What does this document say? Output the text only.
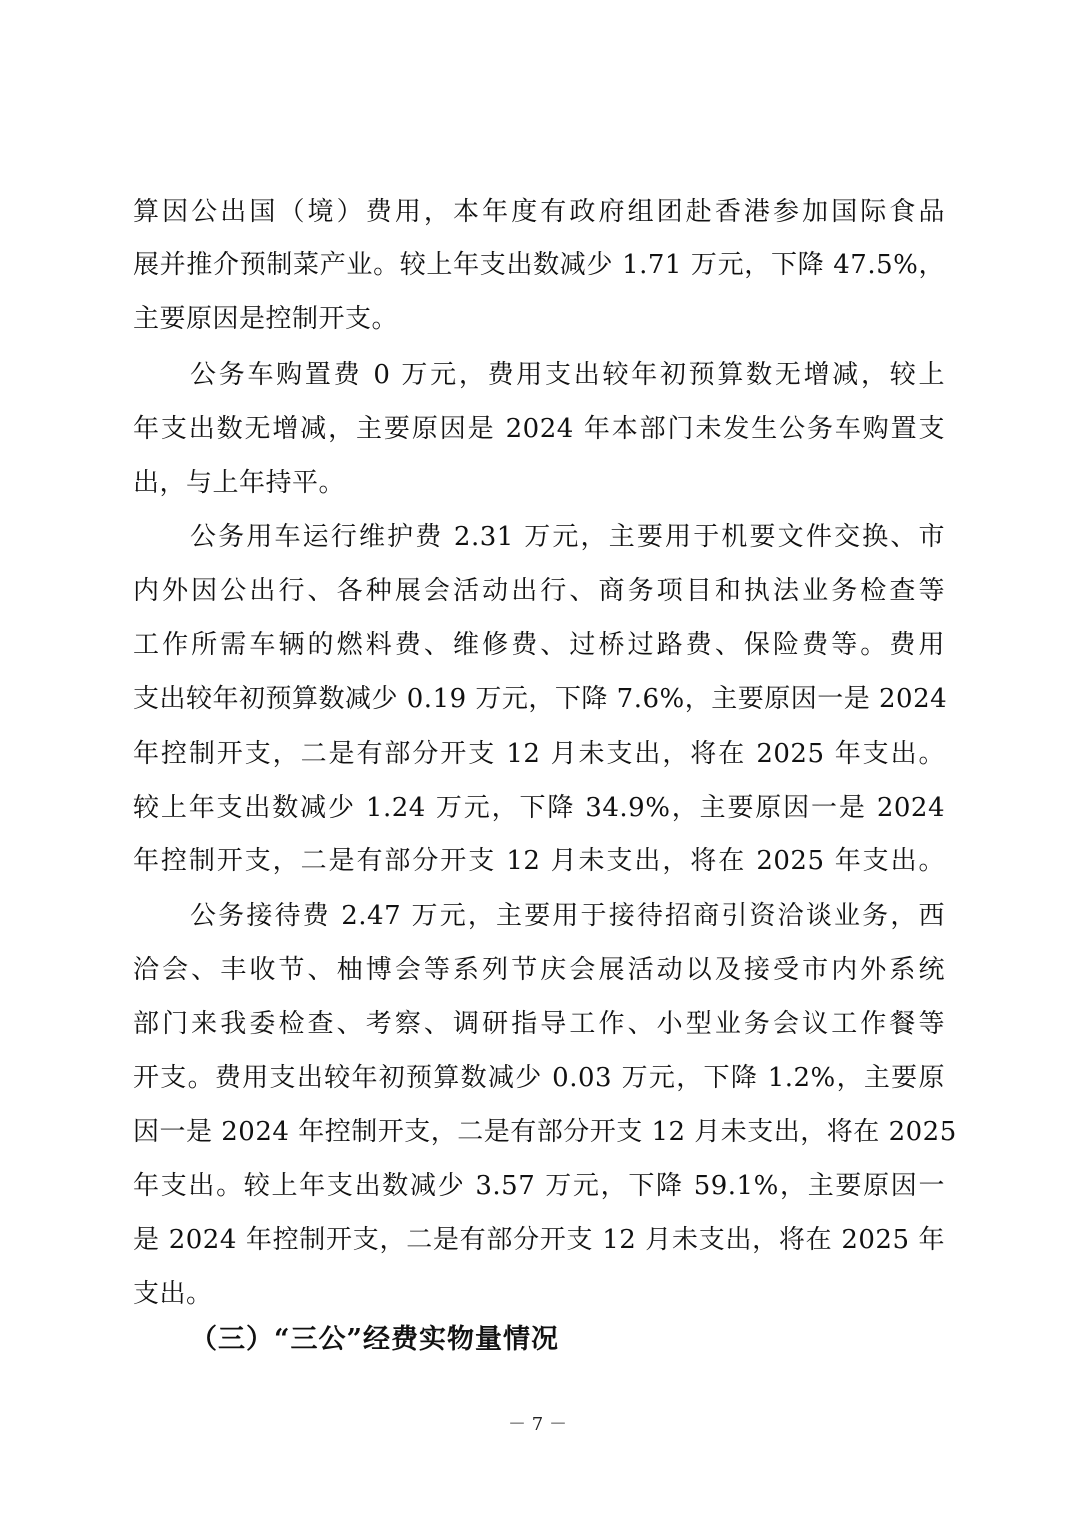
算因公出国（境）费用，本年度有政府组团赴香港参加国际食品
展并推介预制菜产业。较上年支出数减少 1.71 万元，下降 47.5%，
主要原因是控制开支。
公务车购置费 0 万元，费用支出较年初预算数无增减，较上
年支出数无增减，主要原因是 2024 年本部门未发生公务车购置支
出，与上年持平。
公务用车运行维护费 2.31 万元，主要用于机要文件交换、市
内外因公出行、各种展会活动出行、商务项目和执法业务检查等
工作所需车辆的燃料费、维修费、过桥过路费、保险费等。费用
支出较年初预算数减少 0.19 万元，下降 7.6%，主要原因一是 2024
年控制开支，二是有部分开支 12 月未支出，将在 2025 年支出。
较上年支出数减少 1.24 万元，下降 34.9%，主要原因一是 2024
年控制开支，二是有部分开支 12 月未支出，将在 2025 年支出。
公务接待费 2.47 万元，主要用于接待招商引资洽谈业务，西
洽会、丰收节、柚博会等系列节庆会展活动以及接受市内外系统
部门来我委检查、考察、调研指导工作、小型业务会议工作餐等
开支。费用支出较年初预算数减少 0.03 万元，下降 1.2%，主要原
因一是 2024 年控制开支，二是有部分开支 12 月未支出，将在 2025
年支出。较上年支出数减少 3.57 万元，下降 59.1%，主要原因一
是 2024 年控制开支，二是有部分开支 12 月未支出，将在 2025 年
支出。
（三）“三公”经费实物量情况
－ 7 －
